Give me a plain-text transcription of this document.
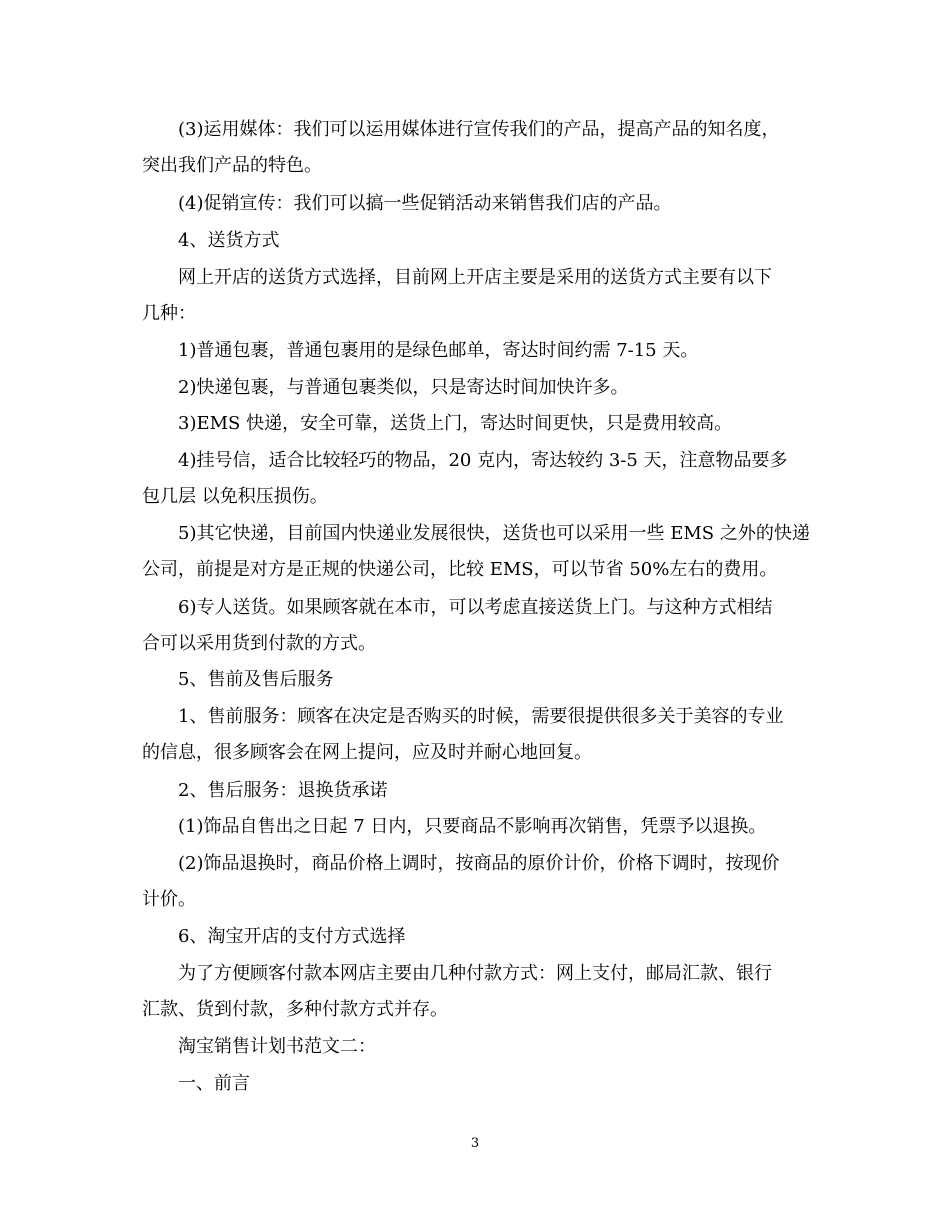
(3)运用媒体：我们可以运用媒体进行宣传我们的产品，提高产品的知名度，
突出我们产品的特色。
(4)促销宣传：我们可以搞一些促销活动来销售我们店的产品。
4、送货方式
网上开店的送货方式选择，目前网上开店主要是采用的送货方式主要有以下
几种：
1)普通包裹，普通包裹用的是绿色邮单，寄达时间约需 7-15 天。
2)快递包裹，与普通包裹类似，只是寄达时间加快许多。
3)EMS 快递，安全可靠，送货上门，寄达时间更快，只是费用较高。
4)挂号信，适合比较轻巧的物品，20 克内，寄达较约 3-5 天，注意物品要多
包几层 以免积压损伤。
5)其它快递，目前国内快递业发展很快，送货也可以采用一些 EMS 之外的快递
公司，前提是对方是正规的快递公司，比较 EMS，可以节省 50%左右的费用。
6)专人送货。如果顾客就在本市，可以考虑直接送货上门。与这种方式相结
合可以采用货到付款的方式。
5、售前及售后服务
1、售前服务：顾客在决定是否购买的时候，需要很提供很多关于美容的专业
的信息，很多顾客会在网上提问，应及时并耐心地回复。
2、售后服务：退换货承诺
(1)饰品自售出之日起 7 日内，只要商品不影响再次销售，凭票予以退换。
(2)饰品退换时，商品价格上调时，按商品的原价计价，价格下调时，按现价
计价。
6、淘宝开店的支付方式选择
为了方便顾客付款本网店主要由几种付款方式：网上支付，邮局汇款、银行
汇款、货到付款，多种付款方式并存。
淘宝销售计划书范文二：
一、前言
3
